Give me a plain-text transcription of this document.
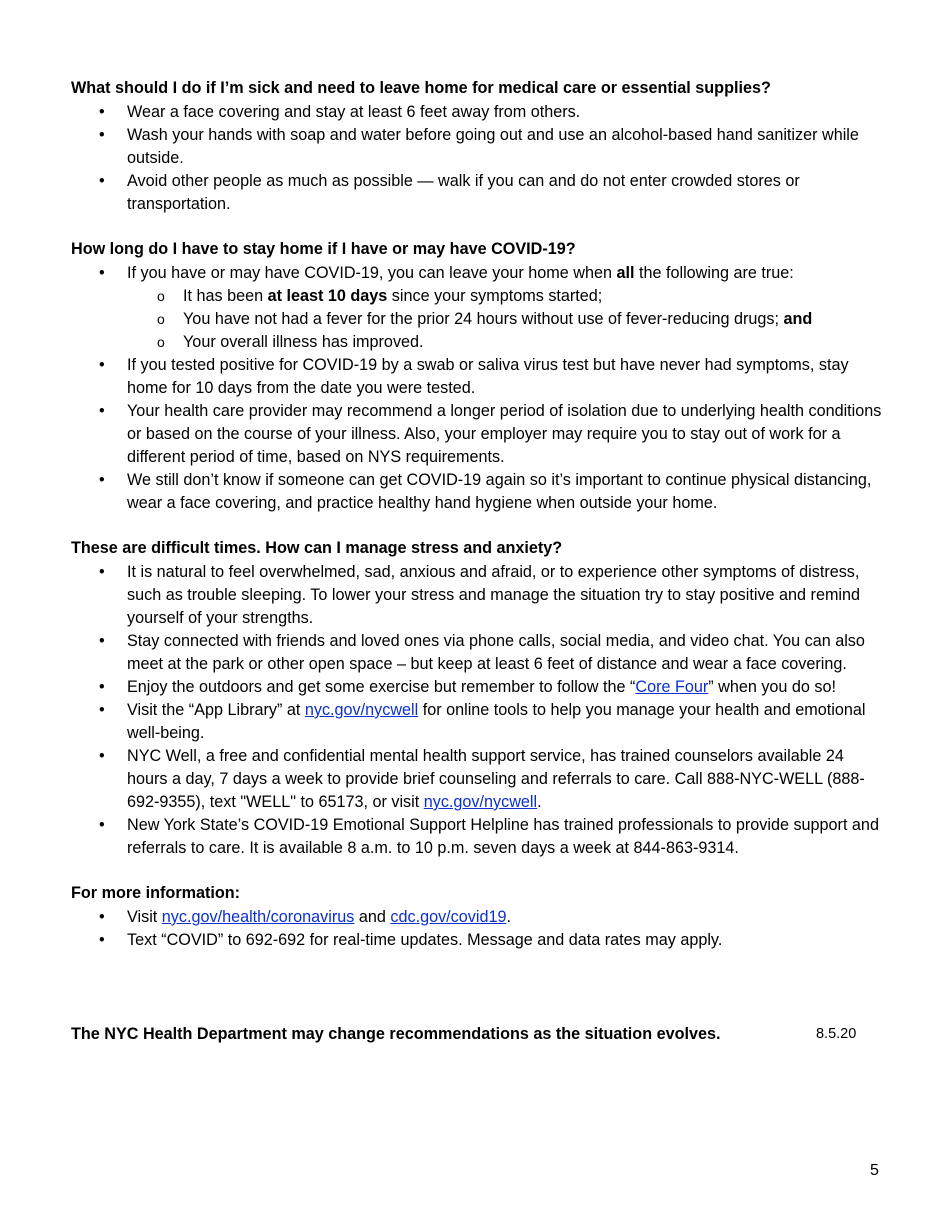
What should I do if I’m sick and need to leave home for medical care or essential supplies?
• Wear a face covering and stay at least 6 feet away from others.
• Wash your hands with soap and water before going out and use an alcohol-based hand sanitizer while outside.
• Avoid other people as much as possible — walk if you can and do not enter crowded stores or transportation.
How long do I have to stay home if I have or may have COVID-19?
• If you have or may have COVID-19, you can leave your home when all the following are true:
o It has been at least 10 days since your symptoms started;
o You have not had a fever for the prior 24 hours without use of fever-reducing drugs; and
o Your overall illness has improved.
• If you tested positive for COVID-19 by a swab or saliva virus test but have never had symptoms, stay home for 10 days from the date you were tested.
• Your health care provider may recommend a longer period of isolation due to underlying health conditions or based on the course of your illness. Also, your employer may require you to stay out of work for a different period of time, based on NYS requirements.
• We still don’t know if someone can get COVID-19 again so it’s important to continue physical distancing, wear a face covering, and practice healthy hand hygiene when outside your home.
These are difficult times. How can I manage stress and anxiety?
• It is natural to feel overwhelmed, sad, anxious and afraid, or to experience other symptoms of distress, such as trouble sleeping. To lower your stress and manage the situation try to stay positive and remind yourself of your strengths.
• Stay connected with friends and loved ones via phone calls, social media, and video chat. You can also meet at the park or other open space – but keep at least 6 feet of distance and wear a face covering.
• Enjoy the outdoors and get some exercise but remember to follow the “Core Four” when you do so!
• Visit the “App Library” at nyc.gov/nycwell for online tools to help you manage your health and emotional well-being.
• NYC Well, a free and confidential mental health support service, has trained counselors available 24 hours a day, 7 days a week to provide brief counseling and referrals to care. Call 888-NYC-WELL (888-692-9355), text "WELL" to 65173, or visit nyc.gov/nycwell.
• New York State’s COVID-19 Emotional Support Helpline has trained professionals to provide support and referrals to care. It is available 8 a.m. to 10 p.m. seven days a week at 844-863-9314.
For more information:
• Visit nyc.gov/health/coronavirus and cdc.gov/covid19.
• Text “COVID” to 692-692 for real-time updates. Message and data rates may apply.
The NYC Health Department may change recommendations as the situation evolves.	8.5.20
5
